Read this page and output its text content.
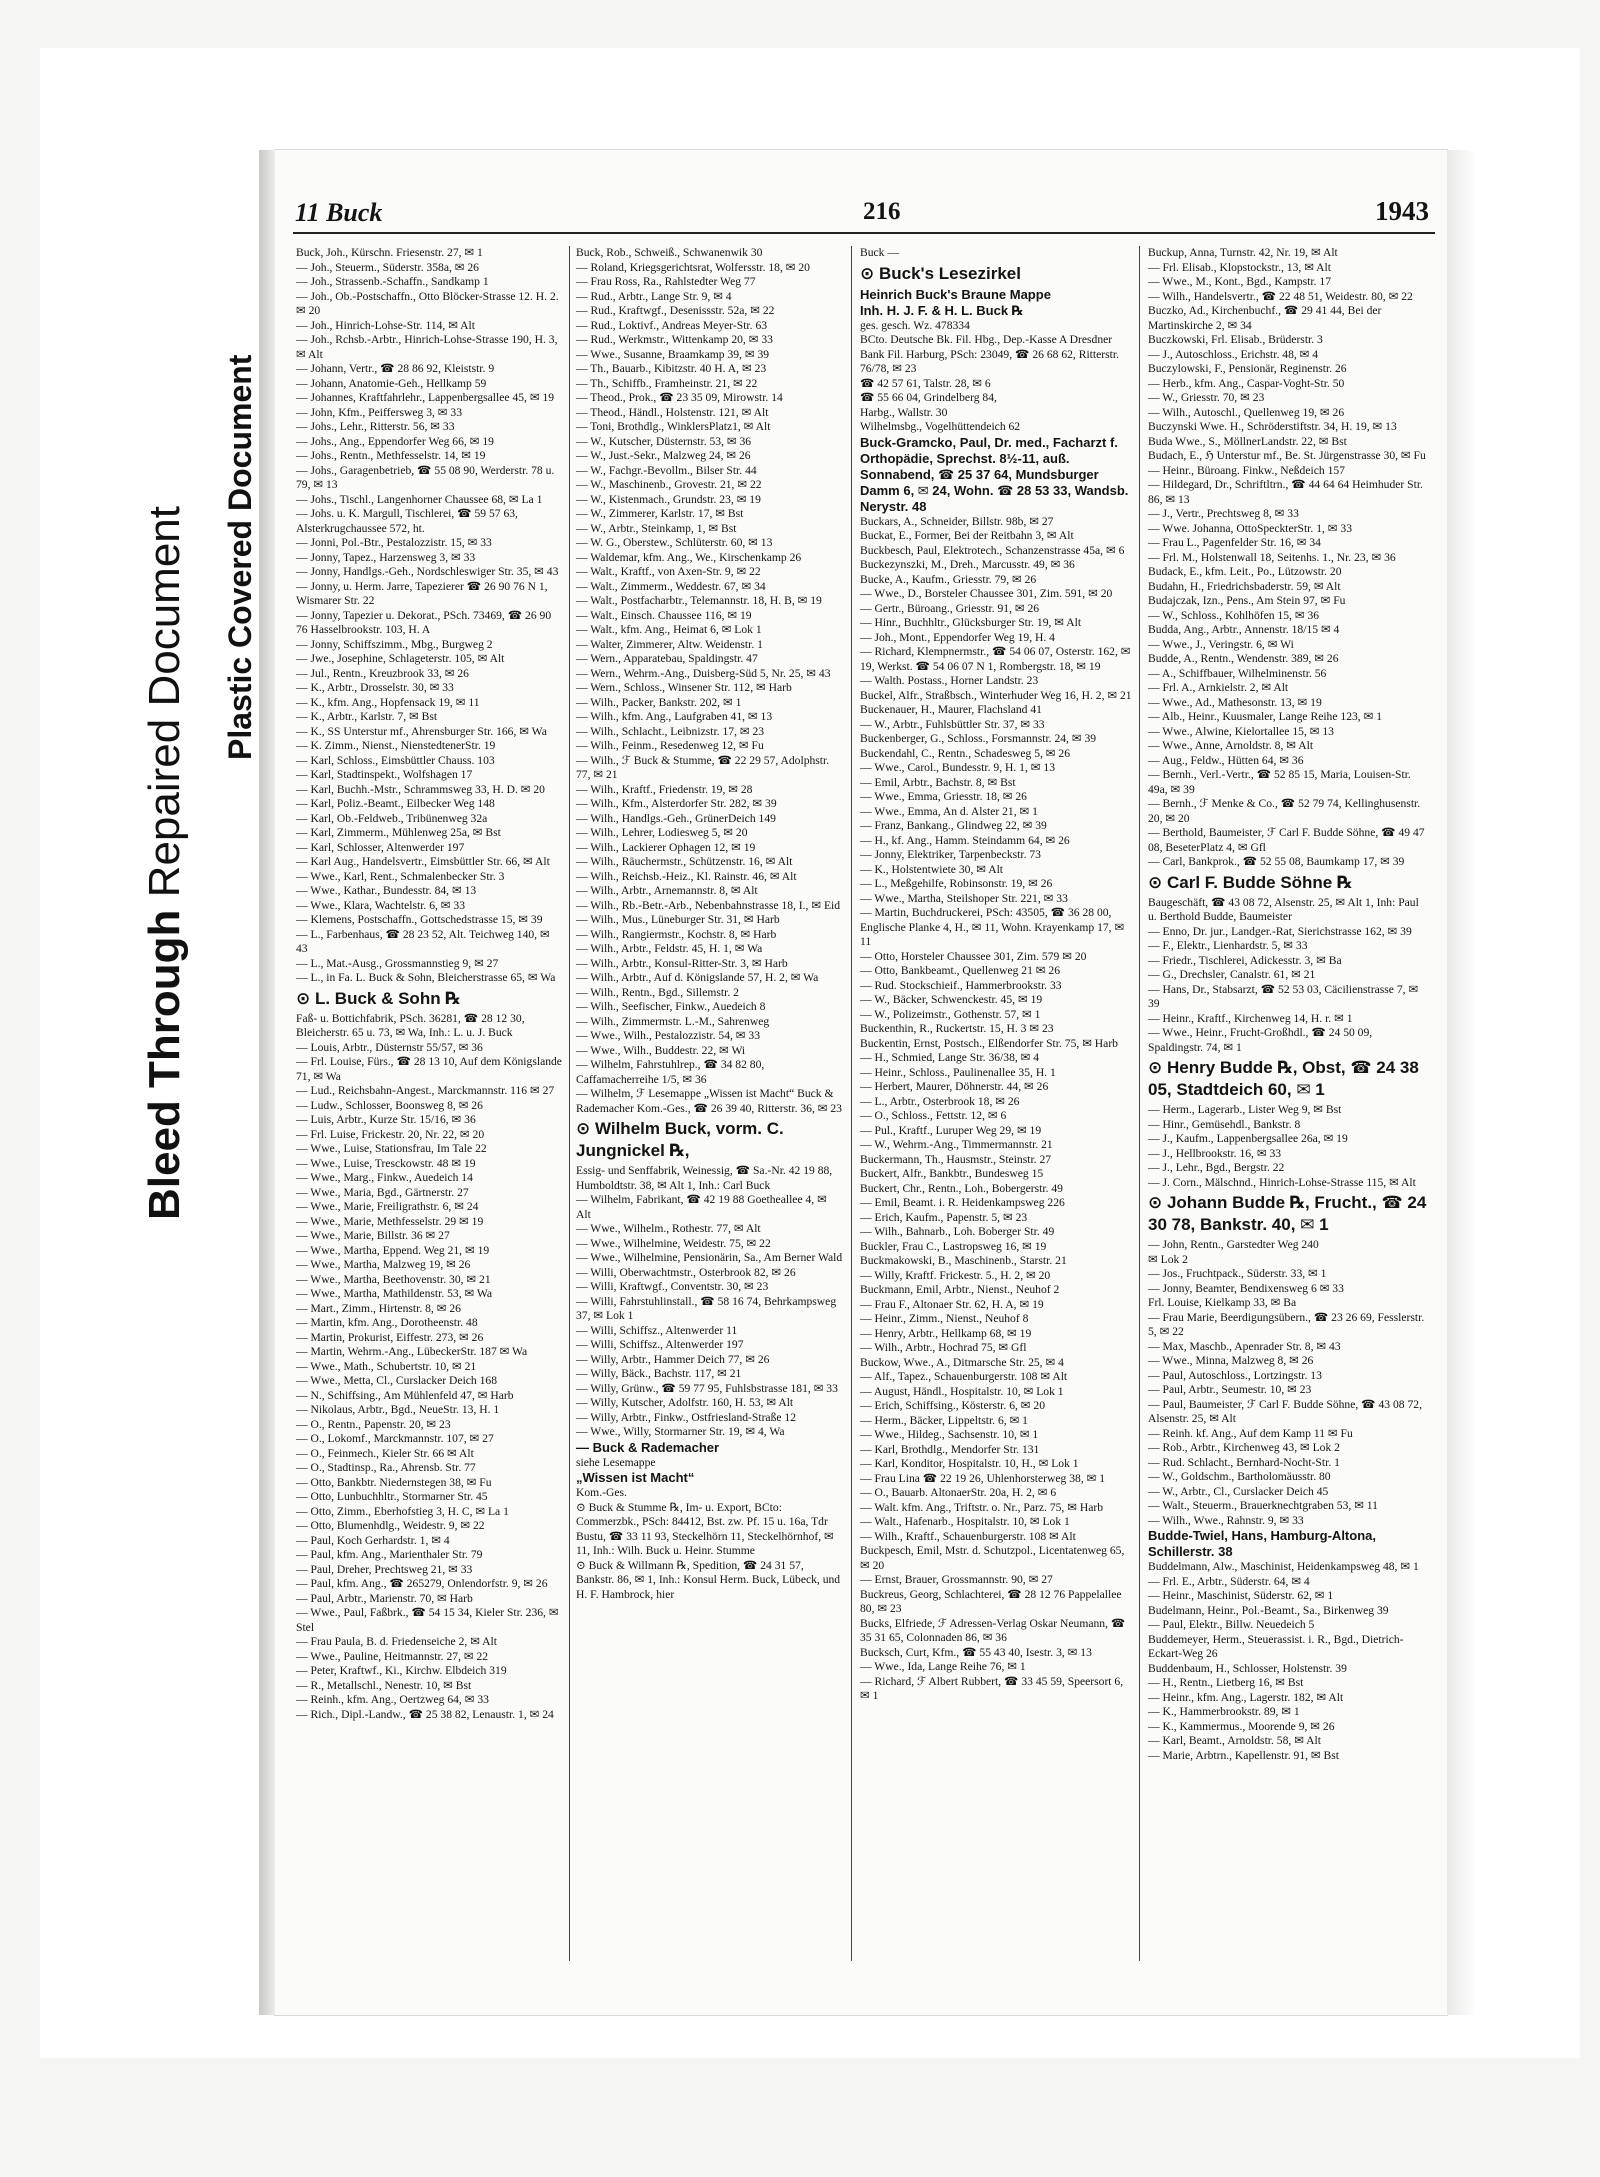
Bleed Through Repaired Document Plastic Covered Document
11 Buck	216	1943

Buck, Joh., Kürschn. Friesenstr. 27, ✉ 1

— Joh., Steuerm., Süderstr. 358a, ✉ 26

— Joh., Strassenb.-Schaffn., Sandkamp 1

— Joh., Ob.-Postschaffn., Otto Blöcker-Strasse 12. H. 2. ✉ 20

— Joh., Hinrich-Lohse-Str. 114, ✉ Alt

— Joh., Rchsb.-Arbtr., Hinrich-Lohse-Strasse 190, H. 3, ✉ Alt

— Johann, Vertr., ☎ 28 86 92, Kleiststr. 9

— Johann, Anatomie-Geh., Hellkamp 59

— Johannes, Kraftfahrlehr., Lappenbergsallee 45, ✉ 19

— John, Kfm., Peiffersweg 3, ✉ 33

— Johs., Lehr., Ritterstr. 56, ✉ 33

— Johs., Ang., Eppendorfer Weg 66, ✉ 19

— Johs., Rentn., Methfesselstr. 14, ✉ 19

— Johs., Garagenbetrieb, ☎ 55 08 90, Werderstr. 78 u. 79, ✉ 13

— Johs., Tischl., Langenhorner Chaussee 68, ✉ La 1

— Johs. u. K. Margull, Tischlerei, ☎ 59 57 63, Alsterkrugchaussee 572, ht.

— Jonni, Pol.-Btr., Pestalozzistr. 15, ✉ 33

— Jonny, Tapez., Harzensweg 3, ✉ 33

— Jonny, Handlgs.-Geh., Nordschleswiger Str. 35, ✉ 43

— Jonny, u. Herm. Jarre, Tapezierer ☎ 26 90 76 N 1, Wismarer Str. 22

— Jonny, Tapezier u. Dekorat., PSch. 73469, ☎ 26 90 76 Hasselbrookstr. 103, H. A

— Jonny, Schiffszimm., Mbg., Burgweg 2

— Jwe., Josephine, Schlageterstr. 105, ✉ Alt

— Jul., Rentn., Kreuzbrook 33, ✉ 26

— K., Arbtr., Drosselstr. 30, ✉ 33

— K., kfm. Ang., Hopfensack 19, ✉ 11

— K., Arbtr., Karlstr. 7, ✉ Bst

— K., SS Unterstur mf., Ahrensburger Str. 166, ✉ Wa

— K. Zimm., Nienst., NienstedtenerStr. 19

— Karl, Schloss., Eimsbüttler Chauss. 103

— Karl, Stadtinspekt., Wolfshagen 17

— Karl, Buchh.-Mstr., Schrammsweg 33, H. D. ✉ 20

— Karl, Poliz.-Beamt., Eilbecker Weg 148

— Karl, Ob.-Feldweb., Tribünenweg 32a

— Karl, Zimmerm., Mühlenweg 25a, ✉ Bst

— Karl, Schlosser, Altenwerder 197

— Karl Aug., Handelsvertr., Eimsbüttler Str. 66, ✉ Alt

— Wwe., Karl, Rent., Schmalenbecker Str. 3

— Wwe., Kathar., Bundesstr. 84, ✉ 13

— Wwe., Klara, Wachtelstr. 6, ✉ 33

— Klemens, Postschaffn., Gottschedstrasse 15, ✉ 39

— L., Farbenhaus, ☎ 28 23 52, Alt. Teichweg 140, ✉ 43

— L., Mat.-Ausg., Grossmannstieg 9, ✉ 27

— L., in Fa. L. Buck & Sohn, Bleicherstrasse 65, ✉ Wa

⊙ L. Buck & Sohn ℞

Faß- u. Bottichfabrik, PSch. 36281, ☎ 28 12 30, Bleicherstr. 65 u. 73, ✉ Wa, Inh.: L. u. J. Buck

— Louis, Arbtr., Düsternstr 55/57, ✉ 36

— Frl. Louise, Fürs., ☎ 28 13 10, Auf dem Königslande 71, ✉ Wa

— Lud., Reichsbahn-Angest., Marckmannstr. 116 ✉ 27

— Ludw., Schlosser, Boonsweg 8, ✉ 26

— Luis, Arbtr., Kurze Str. 15/16, ✉ 36

— Frl. Luise, Frickestr. 20, Nr. 22, ✉ 20

— Wwe., Luise, Stationsfrau, Im Tale 22

— Wwe., Luise, Tresckowstr. 48 ✉ 19

— Wwe., Marg., Finkw., Auedeich 14

— Wwe., Maria, Bgd., Gärtnerstr. 27

— Wwe., Marie, Freiligrathstr. 6, ✉ 24

— Wwe., Marie, Methfesselstr. 29 ✉ 19

— Wwe., Marie, Billstr. 36 ✉ 27

— Wwe., Martha, Eppend. Weg 21, ✉ 19

— Wwe., Martha, Malzweg 19, ✉ 26

— Wwe., Martha, Beethovenstr. 30, ✉ 21

— Wwe., Martha, Mathildenstr. 53, ✉ Wa

— Mart., Zimm., Hirtenstr. 8, ✉ 26

— Martin, kfm. Ang., Dorotheenstr. 48

— Martin, Prokurist, Eiffestr. 273, ✉ 26

— Martin, Wehrm.-Ang., LübeckerStr. 187 ✉ Wa

— Wwe., Math., Schubertstr. 10, ✉ 21

— Wwe., Metta, Cl., Curslacker Deich 168

— N., Schiffsing., Am Mühlenfeld 47, ✉ Harb

— Nikolaus, Arbtr., Bgd., NeueStr. 13, H. 1

— O., Rentn., Papenstr. 20, ✉ 23

— O., Lokomf., Marckmannstr. 107, ✉ 27

— O., Feinmech., Kieler Str. 66 ✉ Alt

— O., Stadtinsp., Ra., Ahrensb. Str. 77

— Otto, Bankbtr. Niedernstegen 38, ✉ Fu

— Otto, Lunbuchhltr., Stormarner Str. 45

— Otto, Zimm., Eberhofstieg 3, H. C, ✉ La 1

— Otto, Blumenhdlg., Weidestr. 9, ✉ 22

— Paul, Koch Gerhardstr. 1, ✉ 4

— Paul, kfm. Ang., Marienthaler Str. 79

— Paul, Dreher, Prechtsweg 21, ✉ 33

— Paul, kfm. Ang., ☎ 265279, Onlendorfstr. 9, ✉ 26

— Paul, Arbtr., Marienstr. 70, ✉ Harb

— Wwe., Paul, Faßbrk., ☎ 54 15 34, Kieler Str. 236, ✉ Stel

— Frau Paula, B. d. Friedenseiche 2, ✉ Alt

— Wwe., Pauline, Heitmannstr. 27, ✉ 22

— Peter, Kraftwf., Ki., Kirchw. Elbdeich 319

— R., Metallschl., Nenestr. 10, ✉ Bst

— Reinh., kfm. Ang., Oertzweg 64, ✉ 33

— Rich., Dipl.-Landw., ☎ 25 38 82, Lenaustr. 1, ✉ 24

Buck, Rob., Schweiß., Schwanenwik 30

— Roland, Kriegsgerichtsrat, Wolfersstr. 18, ✉ 20

— Frau Ross, Ra., Rahlstedter Weg 77

— Rud., Arbtr., Lange Str. 9, ✉ 4

— Rud., Kraftwgf., Desenissstr. 52a, ✉ 22

— Rud., Loktivf., Andreas Meyer-Str. 63

— Rud., Werkmstr., Wittenkamp 20, ✉ 33

— Wwe., Susanne, Braamkamp 39, ✉ 39

— Th., Bauarb., Kibitzstr. 40 H. A, ✉ 23

— Th., Schiffb., Framheinstr. 21, ✉ 22

— Theod., Prok., ☎ 23 35 09, Mirowstr. 14

— Theod., Händl., Holstenstr. 121, ✉ Alt

— Toni, Brothdlg., WinklersPlatz1, ✉ Alt

— W., Kutscher, Düsternstr. 53, ✉ 36

— W., Just.-Sekr., Malzweg 24, ✉ 26

— W., Fachgr.-Bevollm., Bilser Str. 44

— W., Maschinenb., Grovestr. 21, ✉ 22

— W., Kistenmach., Grundstr. 23, ✉ 19

— W., Zimmerer, Karlstr. 17, ✉ Bst

— W., Arbtr., Steinkamp, 1, ✉ Bst

— W. G., Oberstew., Schlüterstr. 60, ✉ 13

— Waldemar, kfm. Ang., We., Kirschenkamp 26

— Walt., Kraftf., von Axen-Str. 9, ✉ 22

— Walt., Zimmerm., Weddestr. 67, ✉ 34

— Walt., Postfacharbtr., Telemannstr. 18, H. B, ✉ 19

— Walt., Einsch. Chaussee 116, ✉ 19

— Walt., kfm. Ang., Heimat 6, ✉ Lok 1

— Walter, Zimmerer, Altw. Weidenstr. 1

— Wern., Apparatebau, Spaldingstr. 47

— Wern., Wehrm.-Ang., Duisberg-Süd 5, Nr. 25, ✉ 43

— Wern., Schloss., Winsener Str. 112, ✉ Harb

— Wilh., Packer, Bankstr. 202, ✉ 1

— Wilh., kfm. Ang., Laufgraben 41, ✉ 13

— Wilh., Schlacht., Leibnizstr. 17, ✉ 23

— Wilh., Feinm., Resedenweg 12, ✉ Fu

— Wilh., ℱ Buck & Stumme, ☎ 22 29 57, Adolphstr. 77, ✉ 21

— Wilh., Kraftf., Friedenstr. 19, ✉ 28

— Wilh., Kfm., Alsterdorfer Str. 282, ✉ 39

— Wilh., Handlgs.-Geh., GrünerDeich 149

— Wilh., Lehrer, Lodiesweg 5, ✉ 20

— Wilh., Lackierer Ophagen 12, ✉ 19

— Wilh., Räuchermstr., Schützenstr. 16, ✉ Alt

— Wilh., Reichsb.-Heiz., Kl. Rainstr. 46, ✉ Alt

— Wilh., Arbtr., Arnemannstr. 8, ✉ Alt

— Wilh., Rb.-Betr.-Arb., Nebenbahnstrasse 18, I., ✉ Eid

— Wilh., Mus., Lüneburger Str. 31, ✉ Harb

— Wilh., Rangiermstr., Kochstr. 8, ✉ Harb

— Wilh., Arbtr., Feldstr. 45, H. 1, ✉ Wa

— Wilh., Arbtr., Konsul-Ritter-Str. 3, ✉ Harb

— Wilh., Arbtr., Auf d. Königslande 57, H. 2, ✉ Wa

— Wilh., Rentn., Bgd., Sillemstr. 2

— Wilh., Seefischer, Finkw., Auedeich 8

— Wilh., Zimmermstr. L.-M., Sahrenweg

— Wwe., Wilh., Pestalozzistr. 54, ✉ 33

— Wwe., Wilh., Buddestr. 22, ✉ Wi

— Wilhelm, Fahrstuhlrep., ☎ 34 82 80, Caffamacherreihe 1/5, ✉ 36

— Wilhelm, ℱ Lesemappe „Wissen ist Macht“ Buck & Rademacher Kom.-Ges., ☎ 26 39 40, Ritterstr. 36, ✉ 23

⊙ Wilhelm Buck, vorm. C. Jungnickel ℞,

Essig- und Senffabrik, Weinessig, ☎ Sa.-Nr. 42 19 88, Humboldtstr. 38, ✉ Alt 1, Inh.: Carl Buck

— Wilhelm, Fabrikant, ☎ 42 19 88 Goetheallee 4, ✉ Alt

— Wwe., Wilhelm., Rothestr. 77, ✉ Alt

— Wwe., Wilhelmine, Weidestr. 75, ✉ 22

— Wwe., Wilhelmine, Pensionärin, Sa., Am Berner Wald

— Willi, Oberwachtmstr., Osterbrook 82, ✉ 26

— Willi, Kraftwgf., Conventstr. 30, ✉ 23

— Willi, Fahrstuhlinstall., ☎ 58 16 74, Behrkampsweg 37, ✉ Lok 1

— Willi, Schiffsz., Altenwerder 11

— Willi, Schiffsz., Altenwerder 197

— Willy, Arbtr., Hammer Deich 77, ✉ 26

— Willy, Bäck., Bachstr. 117, ✉ 21

— Willy, Grünw., ☎ 59 77 95, Fuhlsbstrasse 181, ✉ 33

— Willy, Kutscher, Adolfstr. 160, H. 53, ✉ Alt

— Willy, Arbtr., Finkw., Ostfriesland-Straße 12

— Wwe., Willy, Stormarner Str. 19, ✉ 4, Wa

— Buck & Rademacher

siehe Lesemappe

„Wissen ist Macht“

Kom.-Ges.

⊙ Buck & Stumme ℞, Im- u. Export, BCto: Commerzbk., PSch: 84412, Bst. zw. Pf. 15 u. 16a, Tdr Bustu, ☎ 33 11 93, Steckelhörn 11, Steckelhörnhof, ✉ 11, Inh.: Wilh. Buck u. Heinr. Stumme

⊙ Buck & Willmann ℞, Spedition, ☎ 24 31 57, Bankstr. 86, ✉ 1, Inh.: Konsul Herm. Buck, Lübeck, und H. F. Hambrock, hier

Buck —

⊙ Buck's Lesezirkel

Heinrich Buck's Braune Mappe

Inh. H. J. F. & H. L. Buck ℞

ges. gesch. Wz. 478334

BCto. Deutsche Bk. Fil. Hbg., Dep.-Kasse A Dresdner Bank Fil. Harburg, PSch: 23049, ☎ 26 68 62, Ritterstr. 76/78, ✉ 23

☎ 42 57 61, Talstr. 28, ✉ 6

☎ 55 66 04, Grindelberg 84,

Harbg., Wallstr. 30

Wilhelmsbg., Vogelhüttendeich 62

Buck-Gramcko, Paul, Dr. med., Facharzt f. Orthopädie, Sprechst. 8½-11, auß. Sonnabend, ☎ 25 37 64, Mundsburger Damm 6, ✉ 24, Wohn. ☎ 28 53 33, Wandsb. Nerystr. 48

Buckars, A., Schneider, Billstr. 98b, ✉ 27

Buckat, E., Former, Bei der Reitbahn 3, ✉ Alt

Buckbesch, Paul, Elektrotech., Schanzenstrasse 45a, ✉ 6

Buckezynszki, M., Dreh., Marcusstr. 49, ✉ 36

Bucke, A., Kaufm., Griesstr. 79, ✉ 26

— Wwe., D., Borsteler Chaussee 301, Zim. 591, ✉ 20

— Gertr., Büroang., Griesstr. 91, ✉ 26

— Hinr., Buchhltr., Glücksburger Str. 19, ✉ Alt

— Joh., Mont., Eppendorfer Weg 19, H. 4

— Richard, Klempnermstr., ☎ 54 06 07, Osterstr. 162, ✉ 19, Werkst. ☎ 54 06 07 N 1, Rombergstr. 18, ✉ 19

— Walth. Postass., Horner Landstr. 23

Buckel, Alfr., Straßbsch., Winterhuder Weg 16, H. 2, ✉ 21

Buckenauer, H., Maurer, Flachsland 41

— W., Arbtr., Fuhlsbüttler Str. 37, ✉ 33

Buckenberger, G., Schloss., Forsmannstr. 24, ✉ 39

Buckendahl, C., Rentn., Schadesweg 5, ✉ 26

— Wwe., Carol., Bundesstr. 9, H. 1, ✉ 13

— Emil, Arbtr., Bachstr. 8, ✉ Bst

— Wwe., Emma, Griesstr. 18, ✉ 26

— Wwe., Emma, An d. Alster 21, ✉ 1

— Franz, Bankang., Glindweg 22, ✉ 39

— H., kf. Ang., Hamm. Steindamm 64, ✉ 26

— Jonny, Elektriker, Tarpenbeckstr. 73

— K., Holstentwiete 30, ✉ Alt

— L., Meßgehilfe, Robinsonstr. 19, ✉ 26

— Wwe., Martha, Steilshoper Str. 221, ✉ 33

— Martin, Buchdruckerei, PSch: 43505, ☎ 36 28 00, Englische Planke 4, H., ✉ 11, Wohn. Krayenkamp 17, ✉ 11

— Otto, Horsteler Chaussee 301, Zim. 579 ✉ 20

— Otto, Bankbeamt., Quellenweg 21 ✉ 26

— Rud. Stockschieif., Hammerbrookstr. 33

— W., Bäcker, Schwenckestr. 45, ✉ 19

— W., Polizeimstr., Gothenstr. 57, ✉ 1

Buckenthin, R., Ruckertstr. 15, H. 3 ✉ 23

Buckentin, Ernst, Postsch., Elßendorfer Str. 75, ✉ Harb

— H., Schmied, Lange Str. 36/38, ✉ 4

— Heinr., Schloss., Paulinenallee 35, H. 1

— Herbert, Maurer, Döhnerstr. 44, ✉ 26

— L., Arbtr., Osterbrook 18, ✉ 26

— O., Schloss., Fettstr. 12, ✉ 6

— Pul., Kraftf., Luruper Weg 29, ✉ 19

— W., Wehrm.-Ang., Timmermannstr. 21

Buckermann, Th., Hausmstr., Steinstr. 27

Buckert, Alfr., Bankbtr., Bundesweg 15

Buckert, Chr., Rentn., Loh., Bobergerstr. 49

— Emil, Beamt. i. R. Heidenkampsweg 226

— Erich, Kaufm., Papenstr. 5, ✉ 23

— Wilh., Bahnarb., Loh. Boberger Str. 49

Buckler, Frau C., Lastropsweg 16, ✉ 19

Buckmakowski, B., Maschinenb., Starstr. 21

— Willy, Kraftf. Frickestr. 5., H. 2, ✉ 20

Buckmann, Emil, Arbtr., Nienst., Neuhof 2

— Frau F., Altonaer Str. 62, H. A, ✉ 19

— Heinr., Zimm., Nienst., Neuhof 8

— Henry, Arbtr., Hellkamp 68, ✉ 19

— Wilh., Arbtr., Hochrad 75, ✉ Gfl

Buckow, Wwe., A., Ditmarsche Str. 25, ✉ 4

— Alf., Tapez., Schauenburgerstr. 108 ✉ Alt

— August, Händl., Hospitalstr. 10, ✉ Lok 1

— Erich, Schiffsing., Kösterstr. 6, ✉ 20

— Herm., Bäcker, Lippeltstr. 6, ✉ 1

— Wwe., Hildeg., Sachsenstr. 10, ✉ 1

— Karl, Brothdlg., Mendorfer Str. 131

— Karl, Konditor, Hospitalstr. 10, H., ✉ Lok 1

— Frau Lina ☎ 22 19 26, Uhlenhorsterweg 38, ✉ 1

— O., Bauarb. AltonaerStr. 20a, H. 2, ✉ 6

— Walt. kfm. Ang., Triftstr. o. Nr., Parz. 75, ✉ Harb

— Walt., Hafenarb., Hospitalstr. 10, ✉ Lok 1

— Wilh., Kraftf., Schauenburgerstr. 108 ✉ Alt

Buckpesch, Emil, Mstr. d. Schutzpol., Licentatenweg 65, ✉ 20

— Ernst, Brauer, Grossmannstr. 90, ✉ 27

Buckreus, Georg, Schlachterei, ☎ 28 12 76 Pappelallee 80, ✉ 23

Bucks, Elfriede, ℱ Adressen-Verlag Oskar Neumann, ☎ 35 31 65, Colonnaden 86, ✉ 36

Bucksch, Curt, Kfm., ☎ 55 43 40, Isestr. 3, ✉ 13

— Wwe., Ida, Lange Reihe 76, ✉ 1

— Richard, ℱ Albert Rubbert, ☎ 33 45 59, Speersort 6, ✉ 1

Buckup, Anna, Turnstr. 42, Nr. 19, ✉ Alt

— Frl. Elisab., Klopstockstr., 13, ✉ Alt

— Wwe., M., Kont., Bgd., Kampstr. 17

— Wilh., Handelsvertr., ☎ 22 48 51, Weidestr. 80, ✉ 22

Buczko, Ad., Kirchenbuchf., ☎ 29 41 44, Bei der Martinskirche 2, ✉ 34

Buczkowski, Frl. Elisab., Brüderstr. 3

— J., Autoschloss., Erichstr. 48, ✉ 4

Buczylowski, F., Pensionär, Reginenstr. 26

— Herb., kfm. Ang., Caspar-Voght-Str. 50

— W., Griesstr. 70, ✉ 23

— Wilh., Autoschl., Quellenweg 19, ✉ 26

Buczynski Wwe. H., Schröderstiftstr. 34, H. 19, ✉ 13

Buda Wwe., S., MöllnerLandstr. 22, ✉ Bst

Budach, E., ℌ Unterstur mf., Be. St. Jürgenstrasse 30, ✉ Fu

— Heinr., Büroang. Finkw., Neßdeich 157

— Hildegard, Dr., Schriftltrn., ☎ 44 64 64 Heimhuder Str. 86, ✉ 13

— J., Vertr., Prechtsweg 8, ✉ 33

— Wwe. Johanna, OttoSpeckterStr. 1, ✉ 33

— Frau L., Pagenfelder Str. 16, ✉ 34

— Frl. M., Holstenwall 18, Seitenhs. 1., Nr. 23, ✉ 36

Budack, E., kfm. Leit., Po., Lützowstr. 20

Budahn, H., Friedrichsbaderstr. 59, ✉ Alt

Budajczak, Izn., Pens., Am Stein 97, ✉ Fu

— W., Schloss., Kohlhöfen 15, ✉ 36

Budda, Ang., Arbtr., Annenstr. 18/15 ✉ 4

— Wwe., J., Veringstr. 6, ✉ Wi

Budde, A., Rentn., Wendenstr. 389, ✉ 26

— A., Schiffbauer, Wilhelminenstr. 56

— Frl. A., Arnkielstr. 2, ✉ Alt

— Wwe., Ad., Mathesonstr. 13, ✉ 19

— Alb., Heinr., Kuusmaler, Lange Reihe 123, ✉ 1

— Wwe., Alwine, Kielortallee 15, ✉ 13

— Wwe., Anne, Arnoldstr. 8, ✉ Alt

— Aug., Feldw., Hütten 64, ✉ 36

— Bernh., Verl.-Vertr., ☎ 52 85 15, Maria, Louisen-Str. 49a, ✉ 39

— Bernh., ℱ Menke & Co., ☎ 52 79 74, Kellinghusenstr. 20, ✉ 20

— Berthold, Baumeister, ℱ Carl F. Budde Söhne, ☎ 49 47 08, BeseterPlatz 4, ✉ Gfl

— Carl, Bankprok., ☎ 52 55 08, Baumkamp 17, ✉ 39

⊙ Carl F. Budde Söhne ℞

Baugeschäft, ☎ 43 08 72, Alsenstr. 25, ✉ Alt 1, Inh: Paul u. Berthold Budde, Baumeister

— Enno, Dr. jur., Landger.-Rat, Sierichstrasse 162, ✉ 39

— F., Elektr., Lienhardstr. 5, ✉ 33

— Friedr., Tischlerei, Adickesstr. 3, ✉ Ba

— G., Drechsler, Canalstr. 61, ✉ 21

— Hans, Dr., Stabsarzt, ☎ 52 53 03, Cäcilienstrasse 7, ✉ 39

— Heinr., Kraftf., Kirchenweg 14, H. r. ✉ 1

— Wwe., Heinr., Frucht-Großhdl., ☎ 24 50 09, Spaldingstr. 74, ✉ 1

⊙ Henry Budde ℞, Obst, ☎ 24 38 05, Stadtdeich 60, ✉ 1

— Herm., Lagerarb., Lister Weg 9, ✉ Bst

— Hinr., Gemüsehdl., Bankstr. 8

— J., Kaufm., Lappenbergsallee 26a, ✉ 19

— J., Hellbrookstr. 16, ✉ 33

— J., Lehr., Bgd., Bergstr. 22

— J. Corn., Mälschnd., Hinrich-Lohse-Strasse 115, ✉ Alt

⊙ Johann Budde ℞, Frucht., ☎ 24 30 78, Bankstr. 40, ✉ 1

— John, Rentn., Garstedter Weg 240

✉ Lok 2

— Jos., Fruchtpack., Süderstr. 33, ✉ 1

— Jonny, Beamter, Bendixensweg 6 ✉ 33

Frl. Louise, Kielkamp 33, ✉ Ba

— Frau Marie, Beerdigungsübern., ☎ 23 26 69, Fesslerstr. 5, ✉ 22

— Max, Maschb., Apenrader Str. 8, ✉ 43

— Wwe., Minna, Malzweg 8, ✉ 26

— Paul, Autoschloss., Lortzingstr. 13

— Paul, Arbtr., Seumestr. 10, ✉ 23

— Paul, Baumeister, ℱ Carl F. Budde Söhne, ☎ 43 08 72, Alsenstr. 25, ✉ Alt

— Reinh. kf. Ang., Auf dem Kamp 11 ✉ Fu

— Rob., Arbtr., Kirchenweg 43, ✉ Lok 2

— Rud. Schlacht., Bernhard-Nocht-Str. 1

— W., Goldschm., Bartholomäusstr. 80

— W., Arbtr., Cl., Curslacker Deich 45

— Walt., Steuerm., Brauerknechtgraben 53, ✉ 11

— Wilh., Wwe., Rahnstr. 9, ✉ 33

Budde-Twiel, Hans, Hamburg-Altona, Schillerstr. 38

Buddelmann, Alw., Maschinist, Heidenkampsweg 48, ✉ 1

— Frl. E., Arbtr., Süderstr. 64, ✉ 4

— Heinr., Maschinist, Süderstr. 62, ✉ 1

Budelmann, Heinr., Pol.-Beamt., Sa., Birkenweg 39

— Paul, Elektr., Billw. Neuedeich 5

Buddemeyer, Herm., Steuerassist. i. R., Bgd., Dietrich-Eckart-Weg 26

Buddenbaum, H., Schlosser, Holstenstr. 39

— H., Rentn., Lietberg 16, ✉ Bst

— Heinr., kfm. Ang., Lagerstr. 182, ✉ Alt

— K., Hammerbrookstr. 89, ✉ 1

— K., Kammermus., Moorende 9, ✉ 26

— Karl, Beamt., Arnoldstr. 58, ✉ Alt

— Marie, Arbtrn., Kapellenstr. 91, ✉ Bst
